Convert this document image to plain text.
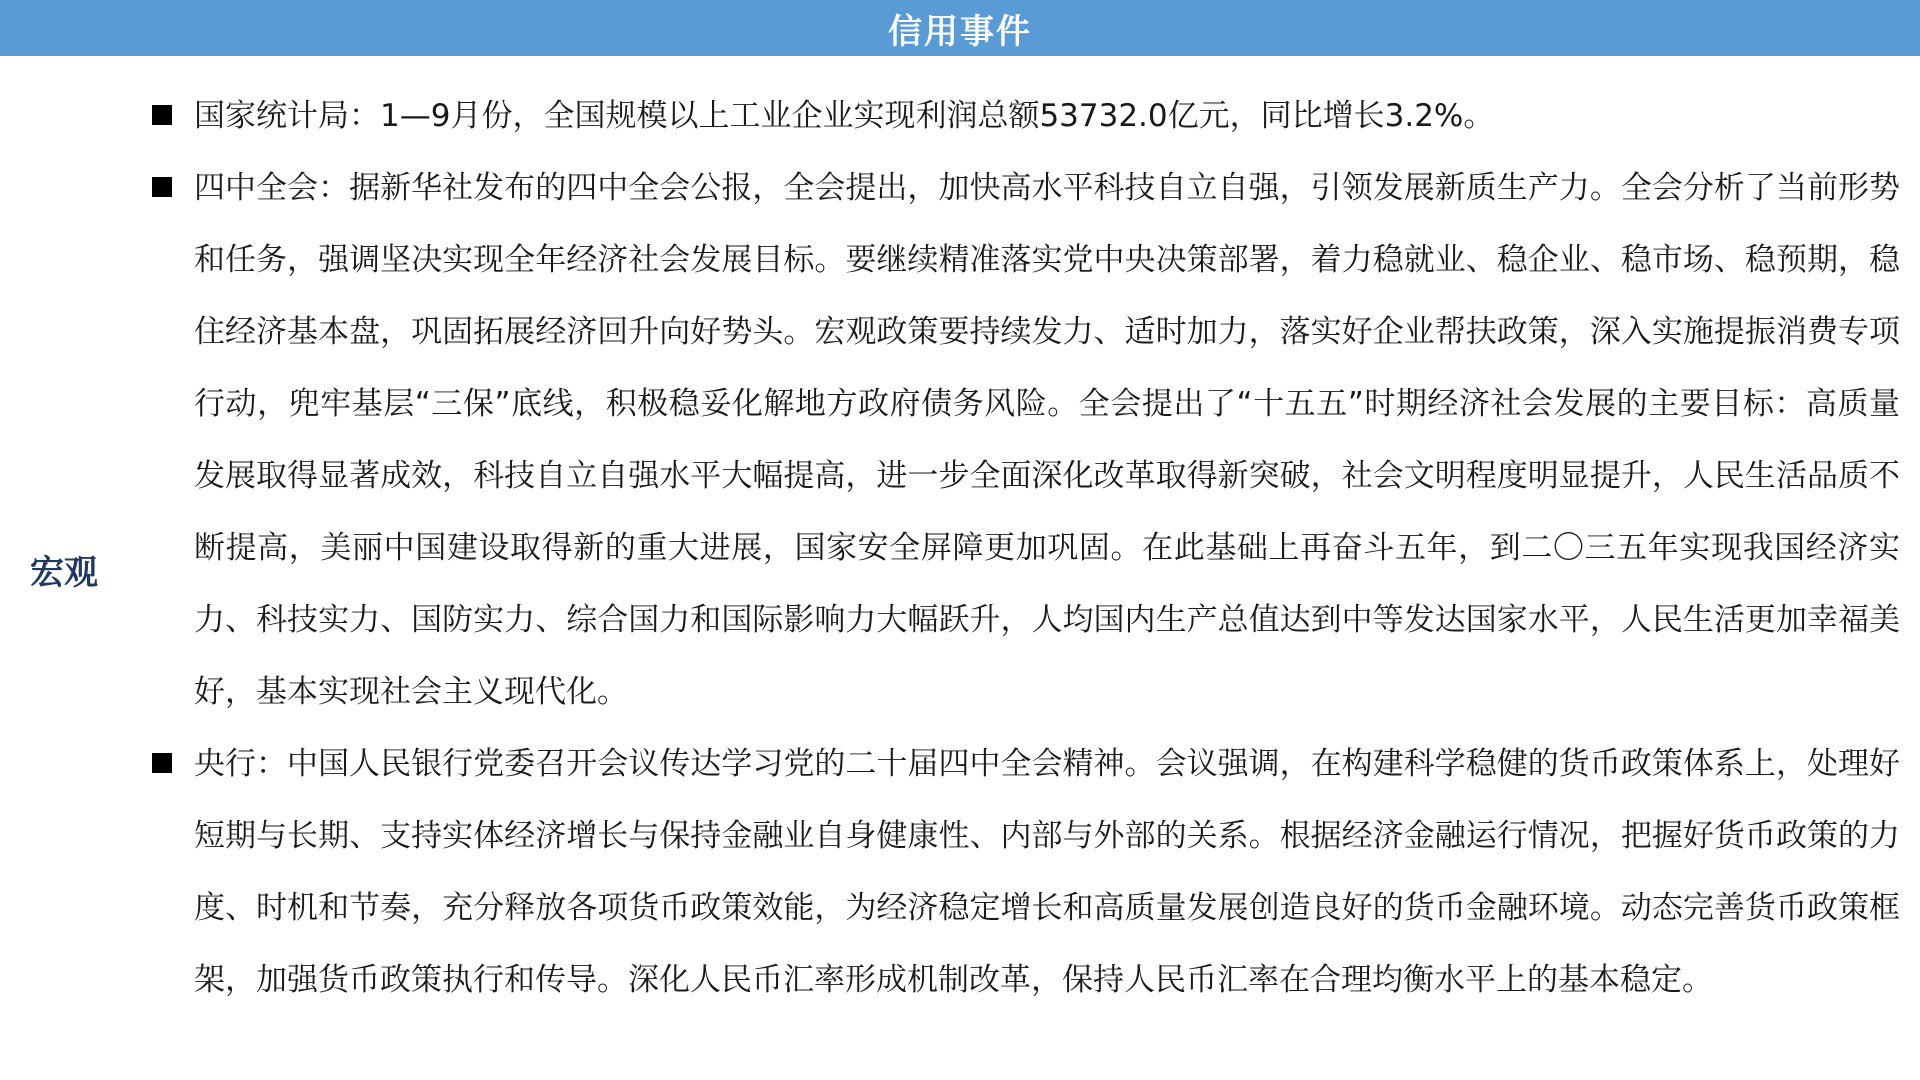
信用事件
宏观
国家统计局：1—9月份，全国规模以上工业企业实现利润总额53732.0亿元，同比增长3.2%。
四中全会：据新华社发布的四中全会公报，全会提出，加快高水平科技自立自强，引领发展新质生产力。全会分析了当前形势和任务，强调坚决实现全年经济社会发展目标。要继续精准落实党中央决策部署，着力稳就业、稳企业、稳市场、稳预期，稳住经济基本盘，巩固拓展经济回升向好势头。宏观政策要持续发力、适时加力，落实好企业帮扶政策，深入实施提振消费专项行动，兜牢基层“三保”底线，积极稳妥化解地方政府债务风险。全会提出了“十五五”时期经济社会发展的主要目标：高质量发展取得显著成效，科技自立自强水平大幅提高，进一步全面深化改革取得新突破，社会文明程度明显提升，人民生活品质不断提高，美丽中国建设取得新的重大进展，国家安全屏障更加巩固。在此基础上再奋斗五年，到二〇三五年实现我国经济实力、科技实力、国防实力、综合国力和国际影响力大幅跃升，人均国内生产总值达到中等发达国家水平，人民生活更加幸福美好，基本实现社会主义现代化。
央行：中国人民银行党委召开会议传达学习党的二十届四中全会精神。会议强调，在构建科学稳健的货币政策体系上，处理好短期与长期、支持实体经济增长与保持金融业自身健康性、内部与外部的关系。根据经济金融运行情况，把握好货币政策的力度、时机和节奏，充分释放各项货币政策效能，为经济稳定增长和高质量发展创造良好的货币金融环境。动态完善货币政策框架，加强货币政策执行和传导。深化人民币汇率形成机制改革，保持人民币汇率在合理均衡水平上的基本稳定。
